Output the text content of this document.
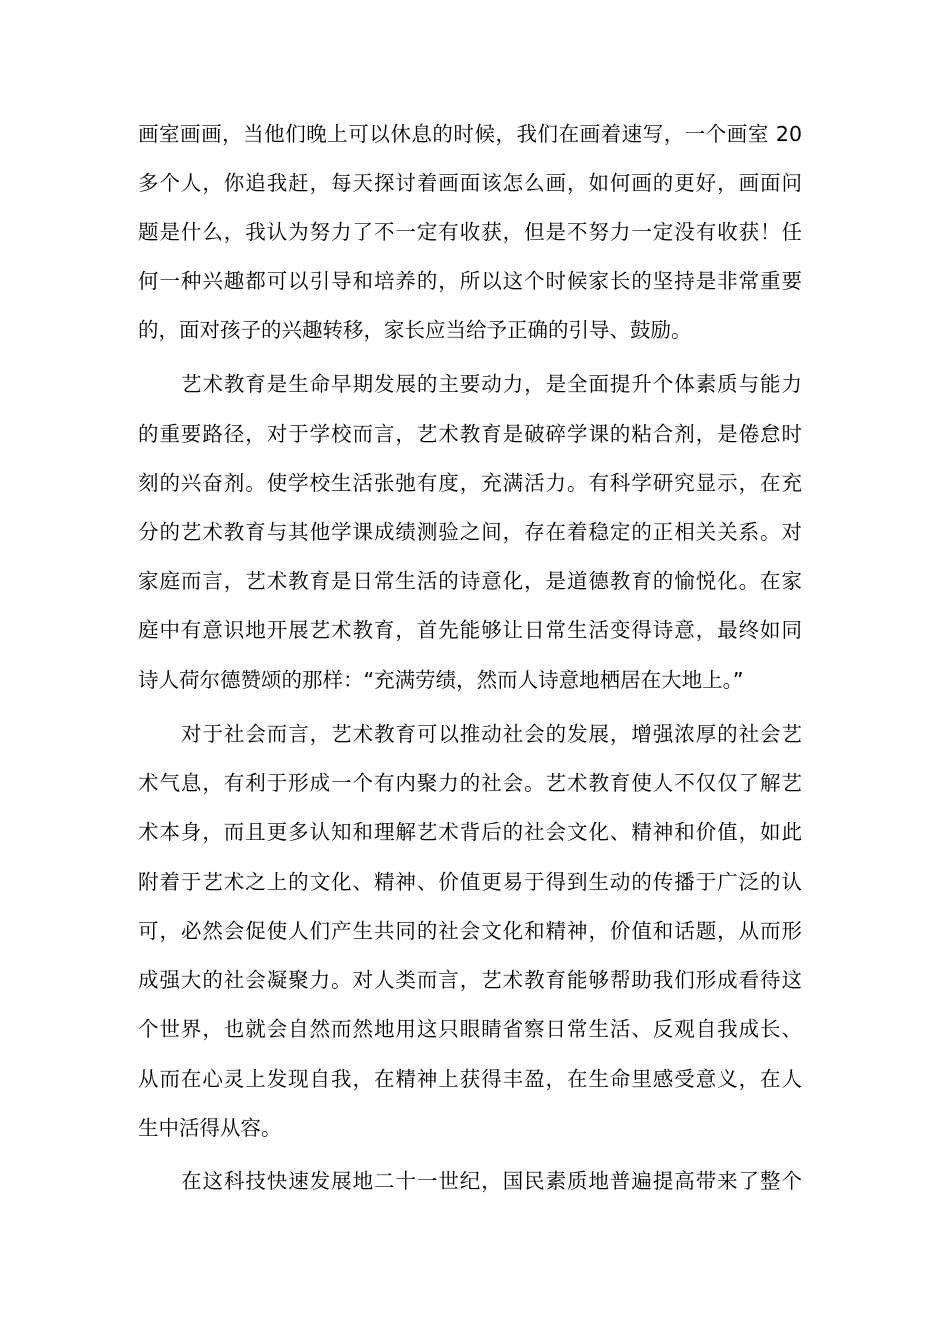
画室画画，当他们晚上可以休息的时候，我们在画着速写，一个画室 20
多个人，你追我赶，每天探讨着画面该怎么画，如何画的更好，画面问
题是什么，我认为努力了不一定有收获，但是不努力一定没有收获！任
何一种兴趣都可以引导和培养的，所以这个时候家长的坚持是非常重要
的，面对孩子的兴趣转移，家长应当给予正确的引导、鼓励。
艺术教育是生命早期发展的主要动力，是全面提升个体素质与能力
的重要路径，对于学校而言，艺术教育是破碎学课的粘合剂，是倦怠时
刻的兴奋剂。使学校生活张弛有度，充满活力。有科学研究显示，在充
分的艺术教育与其他学课成绩测验之间，存在着稳定的正相关关系。对
家庭而言，艺术教育是日常生活的诗意化，是道德教育的愉悦化。在家
庭中有意识地开展艺术教育，首先能够让日常生活变得诗意，最终如同
诗人荷尔德赞颂的那样：“充满劳绩，然而人诗意地栖居在大地上。”
对于社会而言，艺术教育可以推动社会的发展，增强浓厚的社会艺
术气息，有利于形成一个有内聚力的社会。艺术教育使人不仅仅了解艺
术本身，而且更多认知和理解艺术背后的社会文化、精神和价值，如此
附着于艺术之上的文化、精神、价值更易于得到生动的传播于广泛的认
可，必然会促使人们产生共同的社会文化和精神，价值和话题，从而形
成强大的社会凝聚力。对人类而言，艺术教育能够帮助我们形成看待这
个世界，也就会自然而然地用这只眼睛省察日常生活、反观自我成长、
从而在心灵上发现自我，在精神上获得丰盈，在生命里感受意义，在人
生中活得从容。
在这科技快速发展地二十一世纪，国民素质地普遍提高带来了整个
